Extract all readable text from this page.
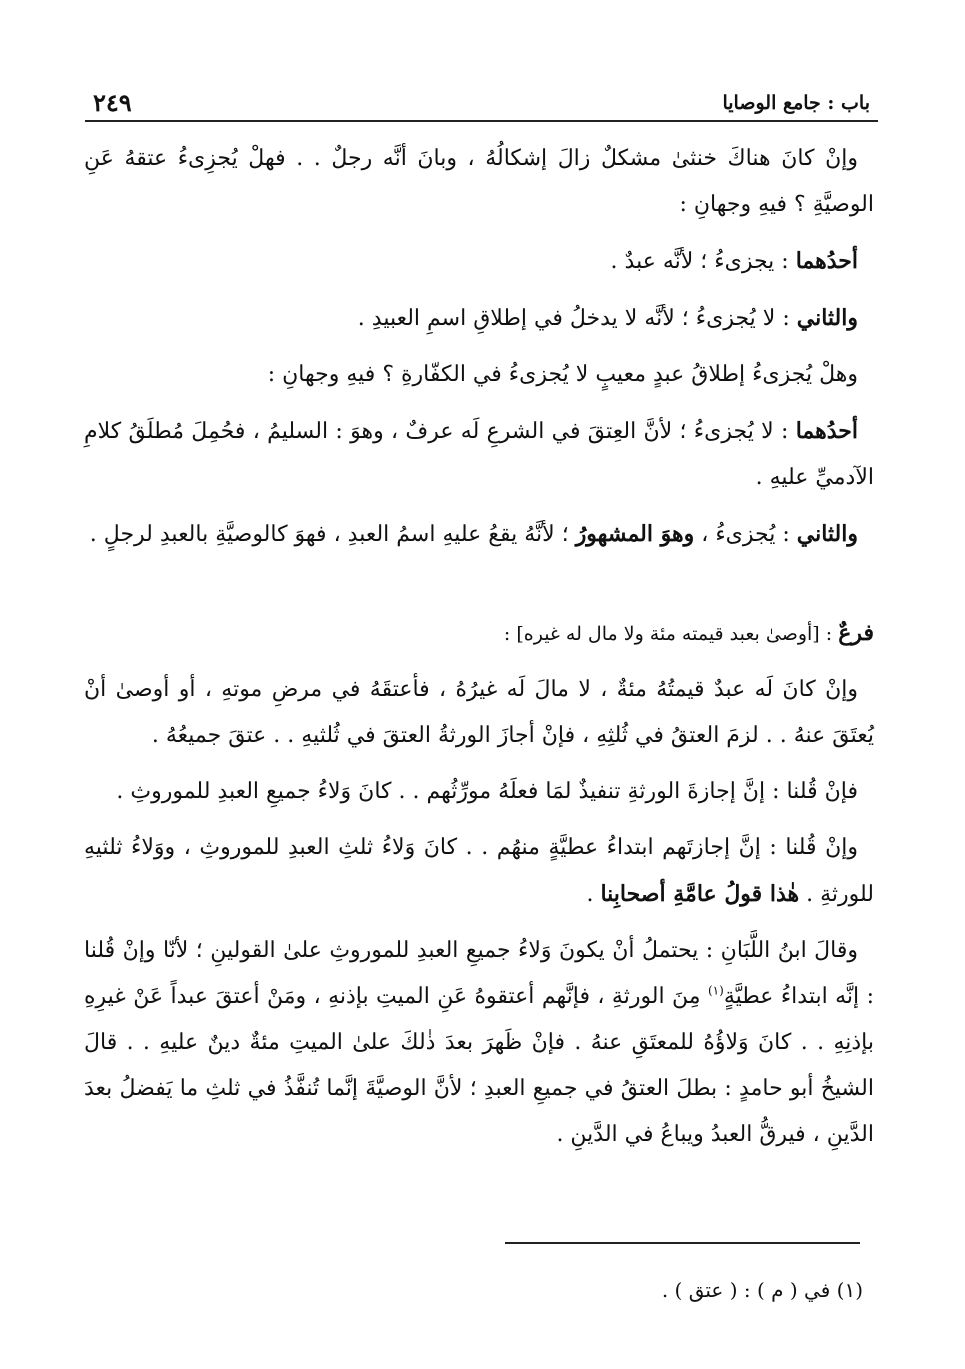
باب : جامع الوصايا
٢٤٩

وإنْ كانَ هناكَ خنثىٰ مشكلٌ زالَ إشكالُهُ ، وبانَ أنَّه رجلٌ . . فهلْ يُجزِىءُ عتقهُ عَنِ الوصيَّةِ ؟ فيهِ وجهانِ :

أحدُهما : يجزىءُ ؛ لأنَّه عبدٌ .

والثاني : لا يُجزىءُ ؛ لأنَّه لا يدخلُ في إطلاقِ اسمِ العبيدِ .

وهلْ يُجزىءُ إطلاقُ عبدٍ معيبٍ لا يُجزىءُ في الكفّارةِ ؟ فيهِ وجهانِ :

أحدُهما : لا يُجزىءُ ؛ لأنَّ العِتقَ في الشرعِ لَه عرفٌ ، وهوَ : السليمُ ، فحُمِلَ مُطلَقُ كلامِ الآدميِّ عليهِ .

والثاني : يُجزىءُ ، وهوَ المشهورُ ؛ لأنَّهُ يقعُ عليهِ اسمُ العبدِ ، فهوَ كالوصيَّةِ بالعبدِ لرجلٍ .

فرعٌ : [أوصىٰ بعبد قيمته مئة ولا مال له غيره] :

وإنْ كانَ لَه عبدٌ قيمتُهُ مئةٌ ، لا مالَ لَه غيرُهُ ، فأعتقَهُ في مرضِ موتهِ ، أو أوصىٰ أنْ يُعتَقَ عنهُ . . لزمَ العتقُ في ثُلثِهِ ، فإنْ أجازَ الورثةُ العتقَ في ثُلثيهِ . . عتقَ جميعُهُ .

فإنْ قُلنا : إنَّ إجازةَ الورثةِ تنفيذٌ لمَا فعلَهُ مورِّثُهم . . كانَ وَلاءُ جميعِ العبدِ للموروثِ .

وإنْ قُلنا : إنَّ إجازتَهم ابتداءُ عطيَّةٍ منهُم . . كانَ وَلاءُ ثلثِ العبدِ للموروثِ ، ووَلاءُ ثلثيهِ للورثةِ . هٰذا قولُ عامَّةِ أصحابِنا .

وقالَ ابنُ اللَّبَانِ : يحتملُ أنْ يكونَ وَلاءُ جميعِ العبدِ للموروثِ علىٰ القولينِ ؛ لأنّا وإنْ قُلنا : إنَّه ابتداءُ عطيَّةٍ$^{(١)}$ مِنَ الورثةِ ، فإنَّهم أعتقوهُ عَنِ الميتِ بإذنهِ ، ومَنْ أعتقَ عبداً عَنْ غيرِهِ بإذنِهِ . . كانَ وَلاؤُهُ للمعتَقِ عنهُ . فإنْ ظَهرَ بعدَ ذٰلكَ علىٰ الميتِ مئةٌ دينٌ عليهِ . . قالَ الشيخُ أبو حامدٍ : بطلَ العتقُ في جميعِ العبدِ ؛ لأنَّ الوصيَّةَ إنَّما تُنفَّذُ في ثلثِ ما يَفضلُ بعدَ الدَّينِ ، فيرقُّ العبدُ ويباعُ في الدَّينِ .

(١) في ( م ) : ( عتق ) .
